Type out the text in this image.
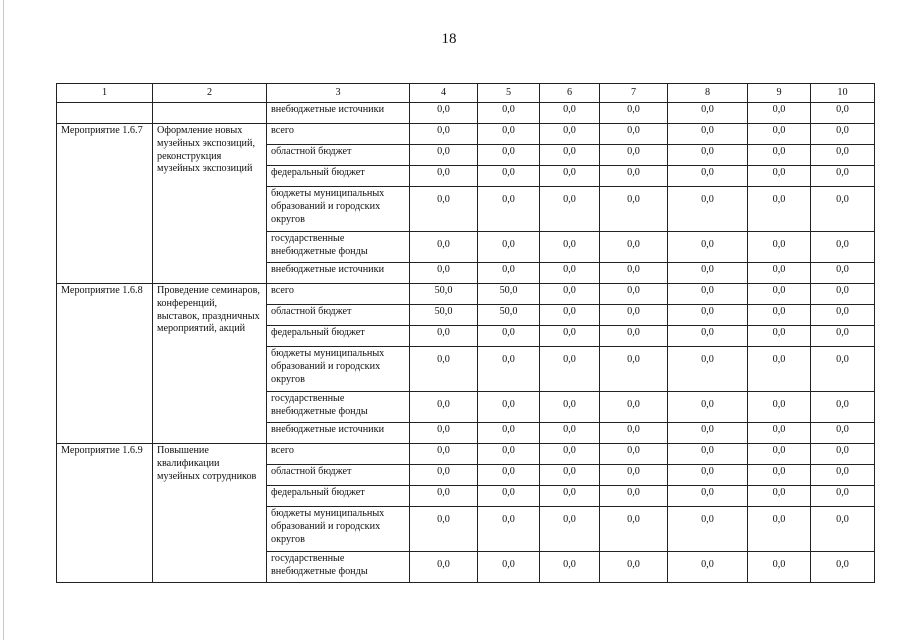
18
1	2	3	4	5	6	7	8	9	10
		внебюджетные источники	0,0	0,0	0,0	0,0	0,0	0,0	0,0
Мероприятие 1.6.7	Оформление новых музейных экспозиций, реконструкция музейных экспозиций	всего	0,0	0,0	0,0	0,0	0,0	0,0	0,0
		областной бюджет	0,0	0,0	0,0	0,0	0,0	0,0	0,0
		федеральный бюджет	0,0	0,0	0,0	0,0	0,0	0,0	0,0
		бюджеты муниципальных образований и городских округов	0,0	0,0	0,0	0,0	0,0	0,0	0,0
		государственные внебюджетные фонды	0,0	0,0	0,0	0,0	0,0	0,0	0,0
		внебюджетные источники	0,0	0,0	0,0	0,0	0,0	0,0	0,0
Мероприятие 1.6.8	Проведение семинаров, конференций, выставок, праздничных мероприятий, акций	всего	50,0	50,0	0,0	0,0	0,0	0,0	0,0
		областной бюджет	50,0	50,0	0,0	0,0	0,0	0,0	0,0
		федеральный бюджет	0,0	0,0	0,0	0,0	0,0	0,0	0,0
		бюджеты муниципальных образований и городских округов	0,0	0,0	0,0	0,0	0,0	0,0	0,0
		государственные внебюджетные фонды	0,0	0,0	0,0	0,0	0,0	0,0	0,0
		внебюджетные источники	0,0	0,0	0,0	0,0	0,0	0,0	0,0
Мероприятие 1.6.9	Повышение квалификации музейных сотрудников	всего	0,0	0,0	0,0	0,0	0,0	0,0	0,0
		областной бюджет	0,0	0,0	0,0	0,0	0,0	0,0	0,0
		федеральный бюджет	0,0	0,0	0,0	0,0	0,0	0,0	0,0
		бюджеты муниципальных образований и городских округов	0,0	0,0	0,0	0,0	0,0	0,0	0,0
		государственные внебюджетные фонды	0,0	0,0	0,0	0,0	0,0	0,0	0,0
